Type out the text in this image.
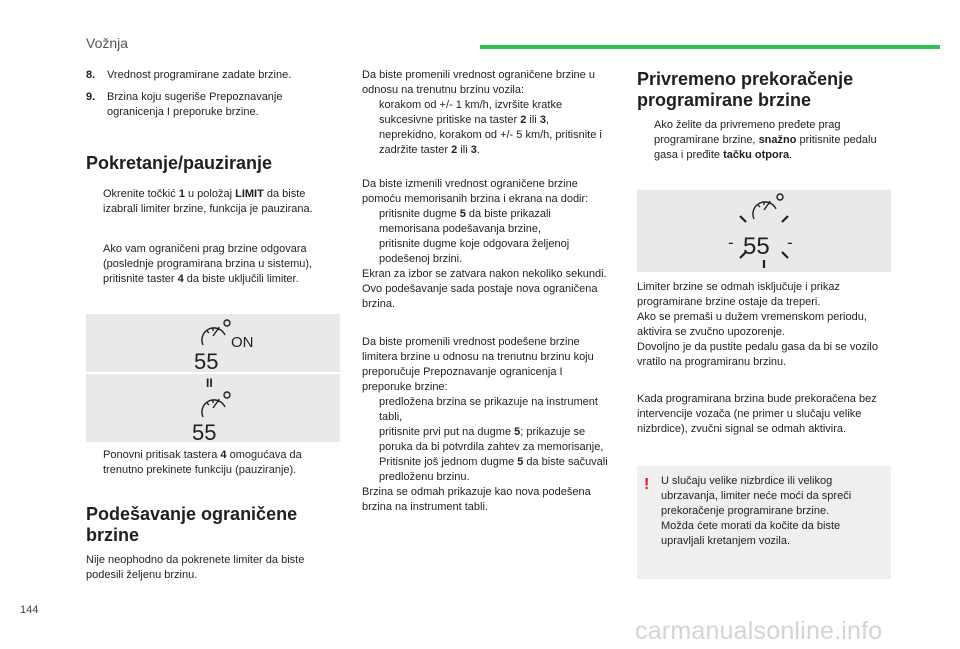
Vožnja
8.	Vrednost programirane zadate brzine.
9.	Brzina koju sugeriše Prepoznavanje ogranicenja I preporuke brzine.
Pokretanje/pauziranje
Okrenite točkić 1 u položaj LIMIT da biste izabrali limiter brzine, funkcija je pauzirana.
Ako vam ograničeni prag brzine odgovara (poslednje programirana brzina u sistemu), pritisnite taster 4 da biste uključili limiter.
55
ON
II
55
Ponovni pritisak tastera 4 omogućava da trenutno prekinete funkciju (pauziranje).
Podešavanje ograničene brzine

Nije neophodno da pokrenete limiter da biste podesili željenu brzinu.

Da biste promenili vrednost ograničene brzine u odnosu na trenutnu brzinu vozila:

korakom od +/- 1 km/h, izvršite kratke sukcesivne pritiske na taster 2 ili 3,
neprekidno, korakom od +/- 5 km/h, pritisnite i zadržite taster 2 ili 3.

Da biste izmenili vrednost ograničene brzine pomoću memorisanih brzina i ekrana na dodir:

pritisnite dugme 5 da biste prikazali memorisana podešavanja brzine,
pritisnite dugme koje odgovara željenoj podešenoj brzini.

Ekran za izbor se zatvara nakon nekoliko sekundi.

Ovo podešavanje sada postaje nova ograničena brzina.

Da biste promenili vrednost podešene brzine limitera brzine u odnosu na trenutnu brzinu koju preporučuje Prepoznavanje ogranicenja I preporuke brzine:

predložena brzina se prikazuje na instrument tabli,
pritisnite prvi put na dugme 5; prikazuje se poruka da bi potvrdila zahtev za memorisanje,
Pritisnite još jednom dugme 5 da biste sačuvali predloženu brzinu.

Brzina se odmah prikazuje kao nova podešena brzina na instrument tabli.

Privremeno prekoračenje programirane brzine
Ako želite da privremeno pređete prag programirane brzine, snažno pritisnite pedalu gasa i pređite tačku otpora.
- 55 -

Limiter brzine se odmah isključuje i prikaz programirane brzine ostaje da treperi.

Ako se premaši u dužem vremenskom periodu, aktivira se zvučno upozorenje.

Dovoljno je da pustite pedalu gasa da bi se vozilo vratilo na programiranu brzinu.

Kada programirana brzina bude prekoračena bez intervencije vozača (ne primer u slučaju velike nizbrdice), zvučni signal se odmah aktivira.

! U slučaju velike nizbrdice ili velikog ubrzavanja, limiter neće moći da spreči prekoračenje programirane brzine.

Možda ćete morati da kočite da biste upravljali kretanjem vozila.

144
carmanualsonline.info
